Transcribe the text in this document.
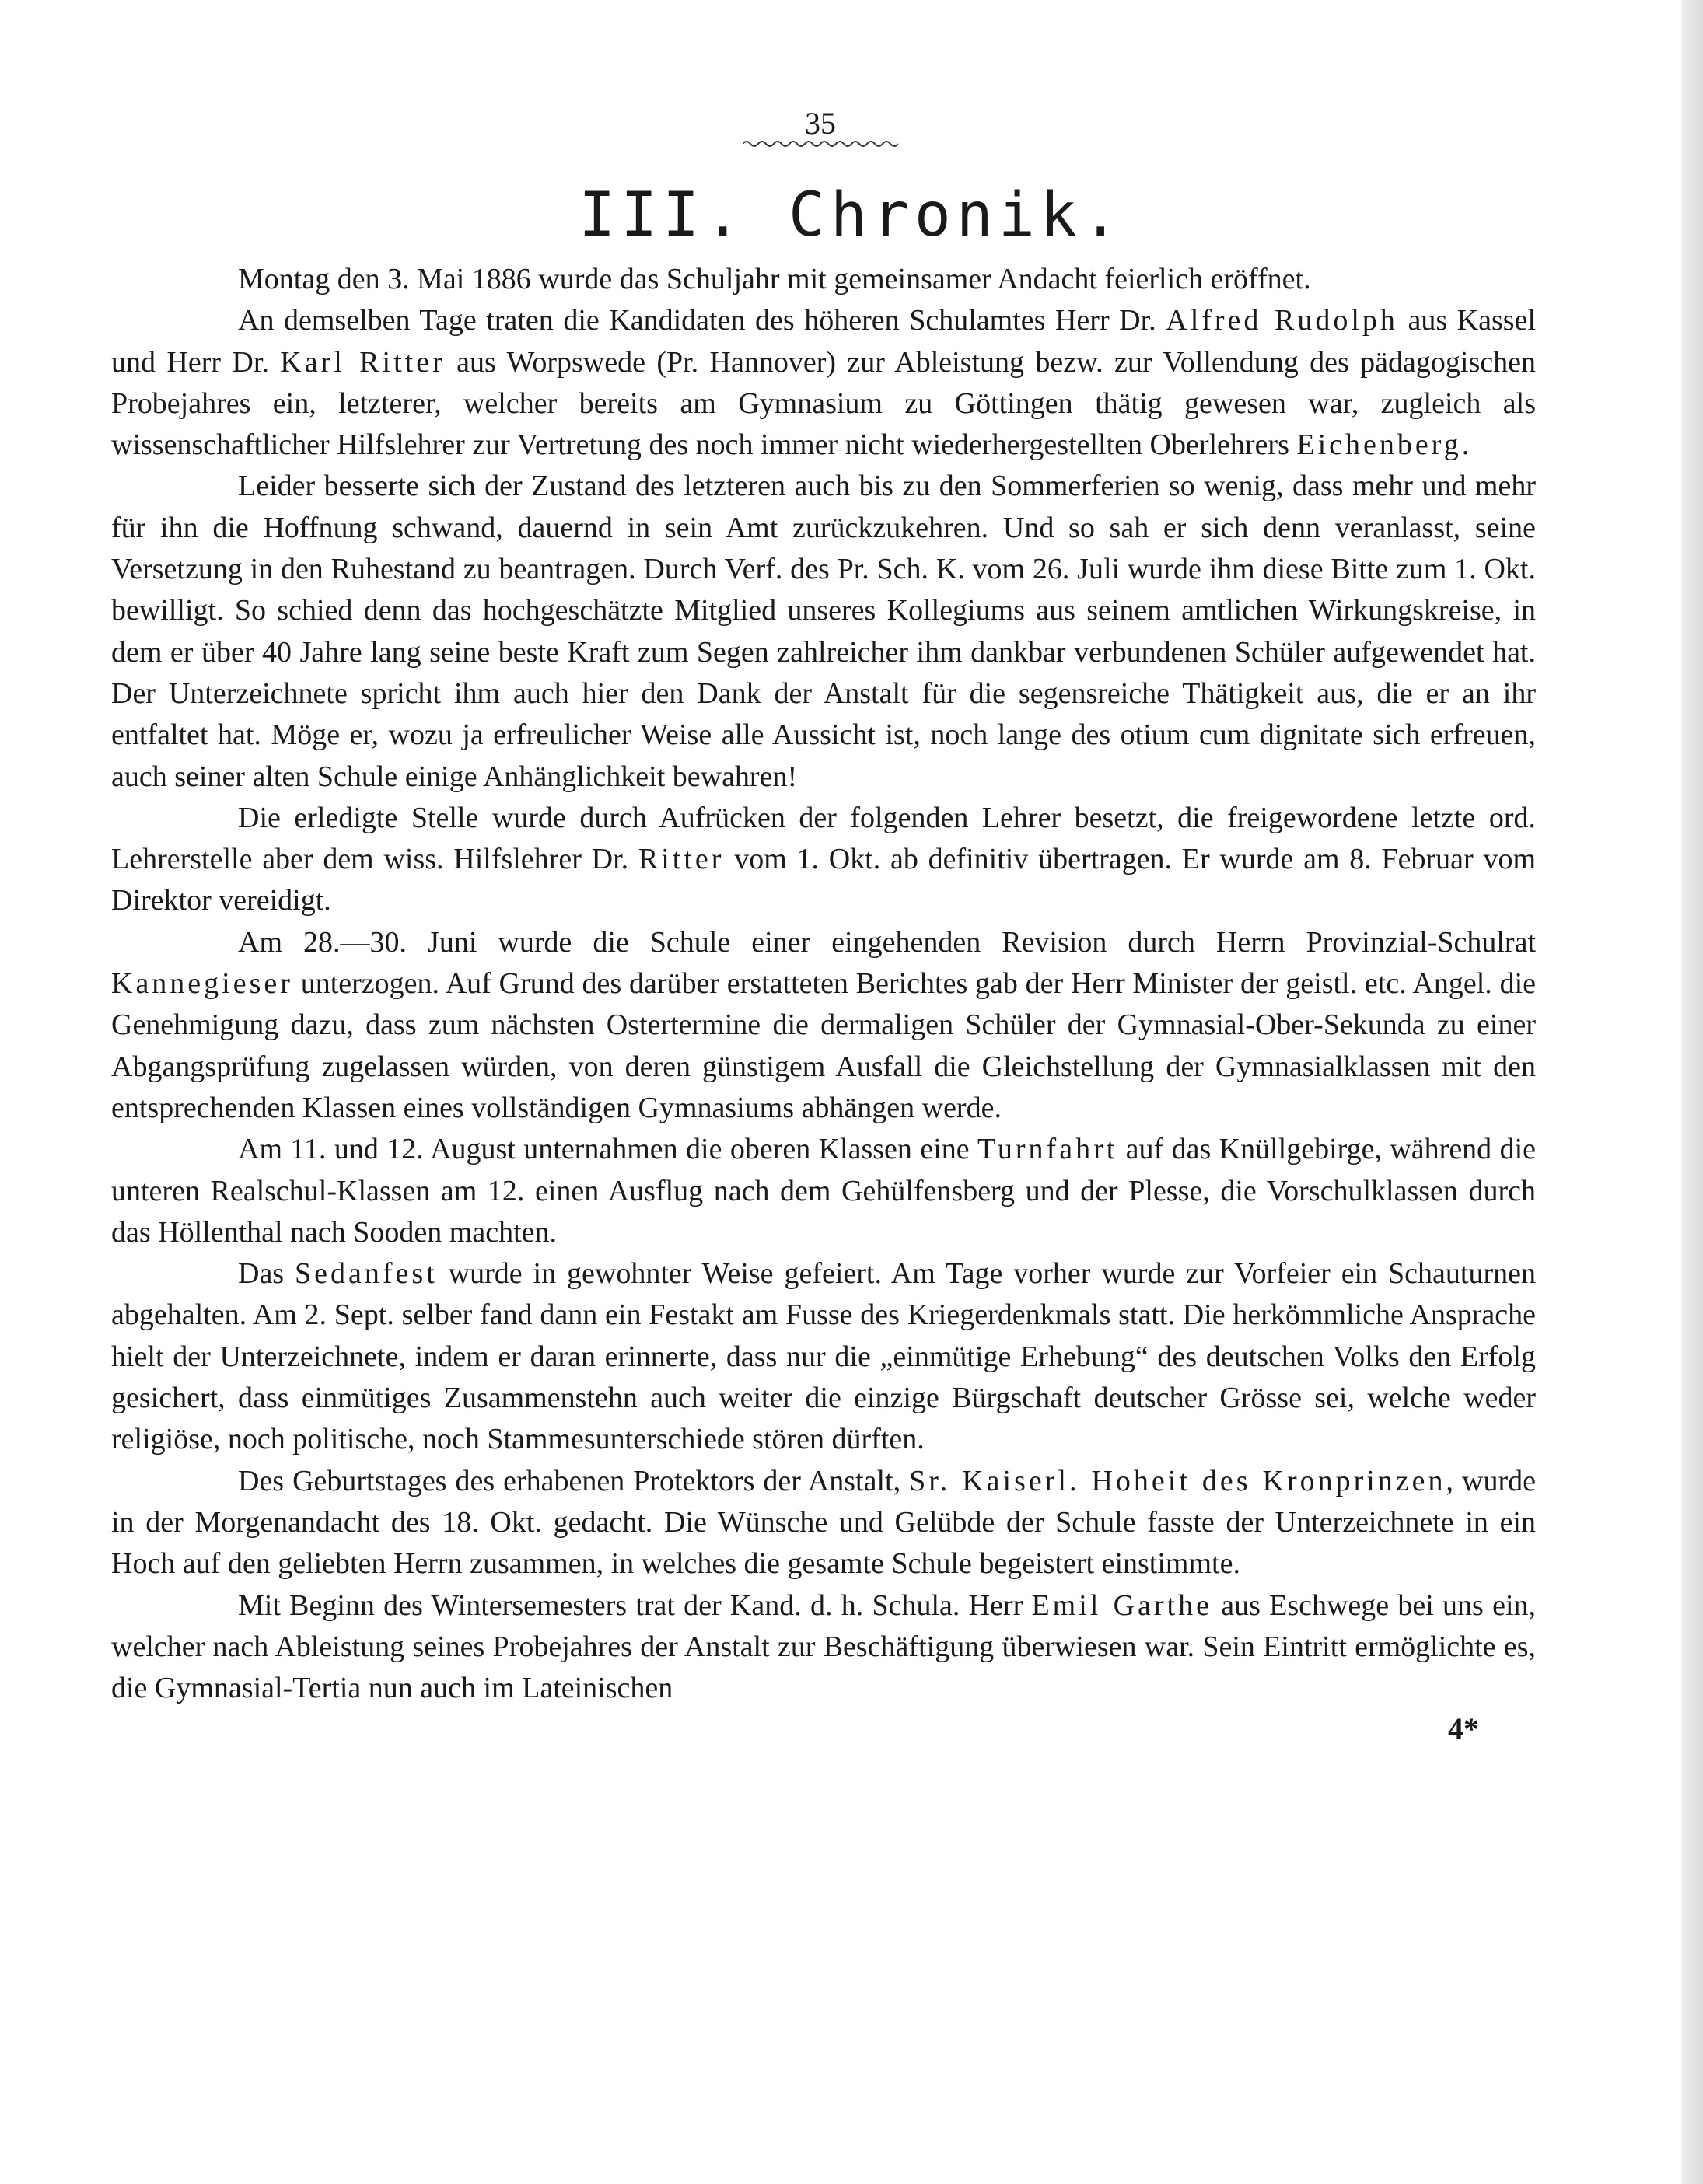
35
III. Chronik.

Montag den 3. Mai 1886 wurde das Schuljahr mit gemeinsamer Andacht feierlich eröffnet.

An demselben Tage traten die Kandidaten des höheren Schulamtes Herr Dr. Alfred Rudolph aus Kassel und Herr Dr. Karl Ritter aus Worpswede (Pr. Hannover) zur Ableistung bezw. zur Vollendung des pädagogischen Probejahres ein, letzterer, welcher bereits am Gymnasium zu Göttingen thätig gewesen war, zugleich als wissenschaftlicher Hilfslehrer zur Vertretung des noch immer nicht wiederhergestellten Oberlehrers Eichenberg.

Leider besserte sich der Zustand des letzteren auch bis zu den Sommerferien so wenig, dass mehr und mehr für ihn die Hoffnung schwand, dauernd in sein Amt zurückzukehren. Und so sah er sich denn veranlasst, seine Versetzung in den Ruhestand zu beantragen. Durch Verf. des Pr. Sch. K. vom 26. Juli wurde ihm diese Bitte zum 1. Okt. bewilligt. So schied denn das hochgeschätzte Mitglied unseres Kollegiums aus seinem amtlichen Wirkungskreise, in dem er über 40 Jahre lang seine beste Kraft zum Segen zahlreicher ihm dankbar verbundenen Schüler aufgewendet hat. Der Unterzeichnete spricht ihm auch hier den Dank der Anstalt für die segensreiche Thätigkeit aus, die er an ihr entfaltet hat. Möge er, wozu ja erfreulicher Weise alle Aussicht ist, noch lange des otium cum dignitate sich erfreuen, auch seiner alten Schule einige Anhänglichkeit bewahren!

Die erledigte Stelle wurde durch Aufrücken der folgenden Lehrer besetzt, die freigewordene letzte ord. Lehrerstelle aber dem wiss. Hilfslehrer Dr. Ritter vom 1. Okt. ab definitiv übertragen. Er wurde am 8. Februar vom Direktor vereidigt.

Am 28.—30. Juni wurde die Schule einer eingehenden Revision durch Herrn Provinzial-Schulrat Kannegieser unterzogen. Auf Grund des darüber erstatteten Berichtes gab der Herr Minister der geistl. etc. Angel. die Genehmigung dazu, dass zum nächsten Ostertermine die dermaligen Schüler der Gymnasial-Ober-Sekunda zu einer Abgangsprüfung zugelassen würden, von deren günstigem Ausfall die Gleichstellung der Gymnasialklassen mit den entsprechenden Klassen eines vollständigen Gymnasiums abhängen werde.

Am 11. und 12. August unternahmen die oberen Klassen eine Turnfahrt auf das Knüllgebirge, während die unteren Realschul-Klassen am 12. einen Ausflug nach dem Gehülfensberg und der Plesse, die Vorschulklassen durch das Höllenthal nach Sooden machten.

Das Sedanfest wurde in gewohnter Weise gefeiert. Am Tage vorher wurde zur Vorfeier ein Schauturnen abgehalten. Am 2. Sept. selber fand dann ein Festakt am Fusse des Kriegerdenkmals statt. Die herkömmliche Ansprache hielt der Unterzeichnete, indem er daran erinnerte, dass nur die „einmütige Erhebung“ des deutschen Volks den Erfolg gesichert, dass einmütiges Zusammenstehn auch weiter die einzige Bürgschaft deutscher Grösse sei, welche weder religiöse, noch politische, noch Stammesunterschiede stören dürften.

Des Geburtstages des erhabenen Protektors der Anstalt, Sr. Kaiserl. Hoheit des Kronprinzen, wurde in der Morgenandacht des 18. Okt. gedacht. Die Wünsche und Gelübde der Schule fasste der Unterzeichnete in ein Hoch auf den geliebten Herrn zusammen, in welches die gesamte Schule begeistert einstimmte.

Mit Beginn des Wintersemesters trat der Kand. d. h. Schula. Herr Emil Garthe aus Eschwege bei uns ein, welcher nach Ableistung seines Probejahres der Anstalt zur Beschäftigung überwiesen war. Sein Eintritt ermöglichte es, die Gymnasial-Tertia nun auch im Lateinischen

4*
